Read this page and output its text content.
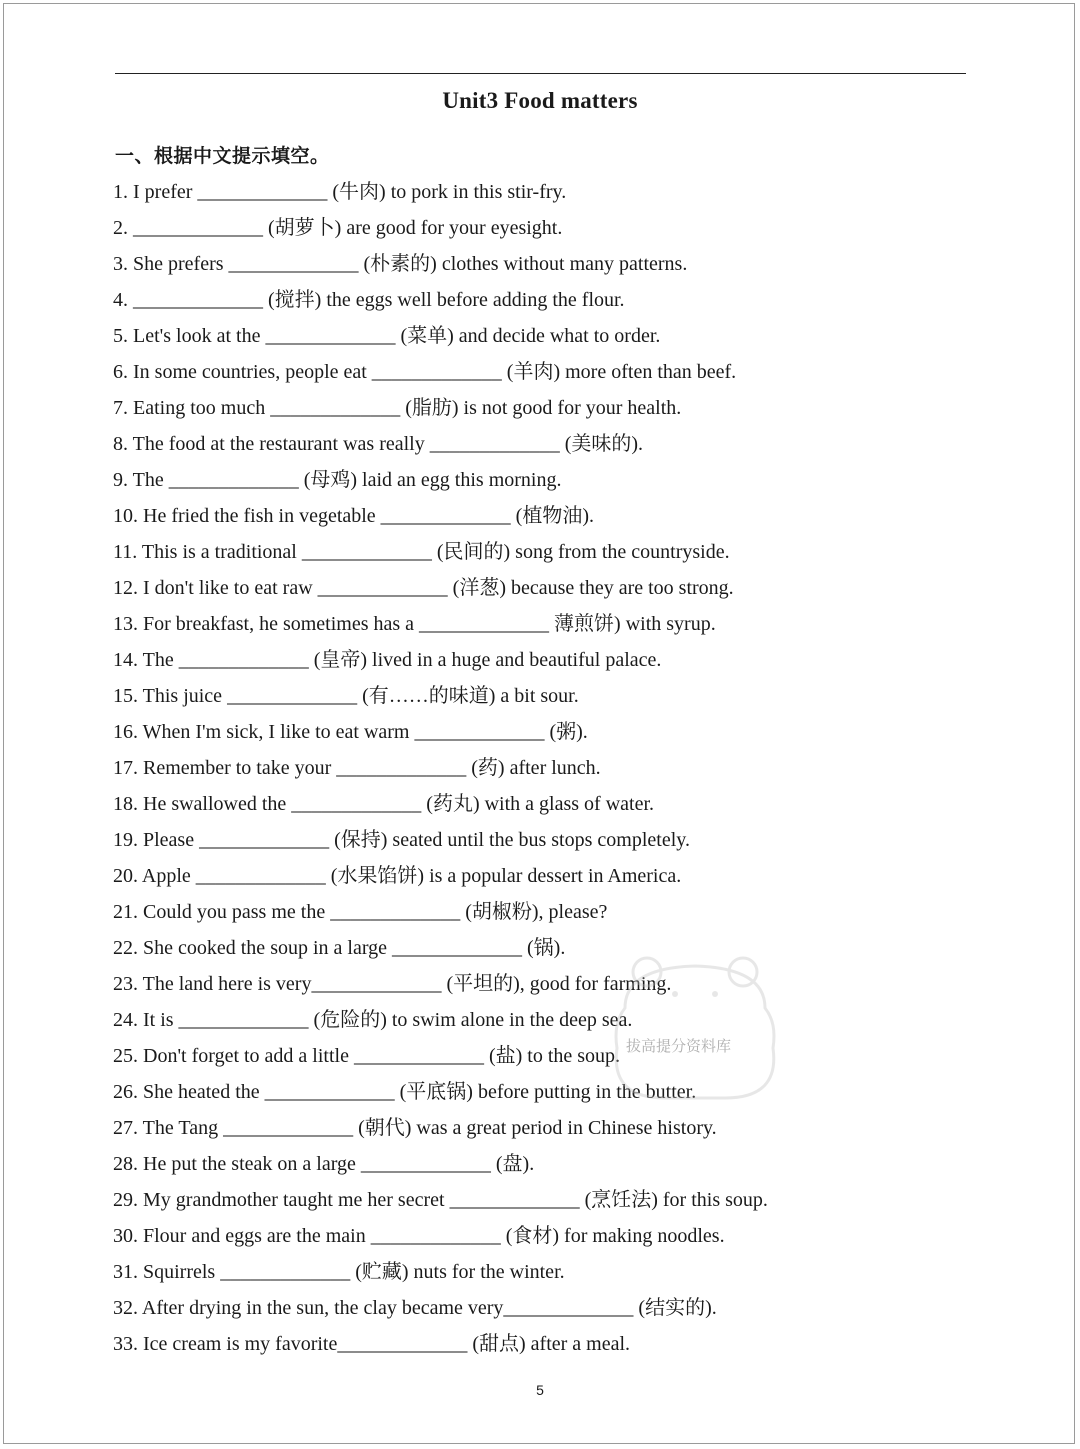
Unit3 Food matters
一、根据中文提示填空。
1. I prefer _____________ (牛肉) to pork in this stir-fry.
2. _____________ (胡萝卜) are good for your eyesight.
3. She prefers _____________ (朴素的) clothes without many patterns.
4. _____________ (搅拌) the eggs well before adding the flour.
5. Let's look at the _____________ (菜单) and decide what to order.
6. In some countries, people eat _____________ (羊肉) more often than beef.
7. Eating too much _____________ (脂肪) is not good for your health.
8. The food at the restaurant was really _____________ (美味的).
9. The _____________ (母鸡) laid an egg this morning.
10. He fried the fish in vegetable _____________ (植物油).
11. This is a traditional _____________ (民间的) song from the countryside.
12. I don't like to eat raw _____________ (洋葱) because they are too strong.
13. For breakfast, he sometimes has a _____________ 薄煎饼) with syrup.
14. The _____________ (皇帝) lived in a huge and beautiful palace.
15. This juice _____________ (有……的味道) a bit sour.
16. When I'm sick, I like to eat warm _____________ (粥).
17. Remember to take your _____________ (药) after lunch.
18. He swallowed the _____________ (药丸) with a glass of water.
19. Please _____________ (保持) seated until the bus stops completely.
20. Apple _____________ (水果馅饼) is a popular dessert in America.
21. Could you pass me the _____________ (胡椒粉), please?
22. She cooked the soup in a large _____________ (锅).
23. The land here is very_____________ (平坦的), good for farming.
24. It is _____________ (危险的) to swim alone in the deep sea.
25. Don't forget to add a little _____________ (盐) to the soup.
26. She heated the _____________ (平底锅) before putting in the butter.
27. The Tang _____________ (朝代) was a great period in Chinese history.
28. He put the steak on a large _____________ (盘).
29. My grandmother taught me her secret _____________ (烹饪法) for this soup.
30. Flour and eggs are the main _____________ (食材) for making noodles.
31. Squirrels _____________ (贮藏) nuts for the winter.
32. After drying in the sun, the clay became very_____________ (结实的).
33. Ice cream is my favorite_____________ (甜点) after a meal.
拔高提分资料库
5
